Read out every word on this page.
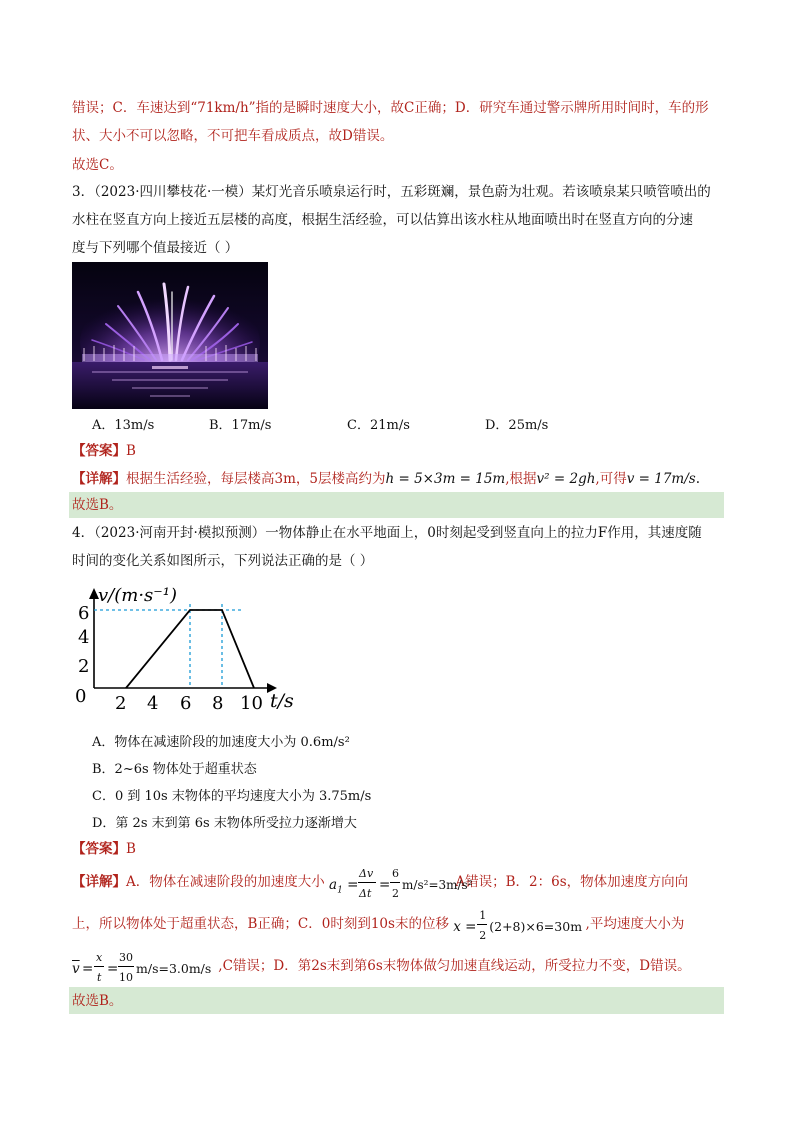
错误；C．车速达到“71km/h”指的是瞬时速度大小，故C正确；D．研究车通过警示牌所用时间时，车的形
状、大小不可以忽略，不可把车看成质点，故D错误。
故选C。
3．（2023·四川攀枝花·一模）某灯光音乐喷泉运行时，五彩斑斓，景色蔚为壮观。若该喷泉某只喷管喷出的
水柱在竖直方向上接近五层楼的高度，根据生活经验，可以估算出该水柱从地面喷出时在竖直方向的分速
度与下列哪个值最接近（ ）
A．13m/s	B．17m/s	C．21m/s	D．25m/s
【答案】B
【详解】根据生活经验，每层楼高3m，5层楼高约为h = 5×3m = 15m,根据v² = 2gh,可得v = 17m/s.
故选B。
4．（2023·河南开封·模拟预测）一物体静止在水平地面上，0时刻起受到竖直向上的拉力F作用，其速度随
时间的变化关系如图所示，下列说法正确的是（ ）
v/(m·s⁻¹)
t/s
6
4
2
0 2 4 6 8 10
A．物体在减速阶段的加速度大小为 0.6m/s²
B．2~6s 物体处于超重状态
C．0 到 10s 末物体的平均速度大小为 3.75m/s
D．第 2s 末到第 6s 末物体所受拉力逐渐增大
【答案】B
【详解】A．物体在减速阶段的加速度大小 $a_1$ =
Δv
Δt
=
6
2
m/s²=3m/s²
A错误；B．2：6s，物体加速度方向向
上，所以物体处于超重状态，B正确；C．0时刻到10s末的位移 x =
1
2
(2+8)×6=30m ,平均速度大小为
$\overline{v}$ =
x
t
=
30
10
m/s=3.0m/s ,C错误；D．第2s末到第6s末物体做匀加速直线运动，所受拉力不变，D错误。
故选B。
